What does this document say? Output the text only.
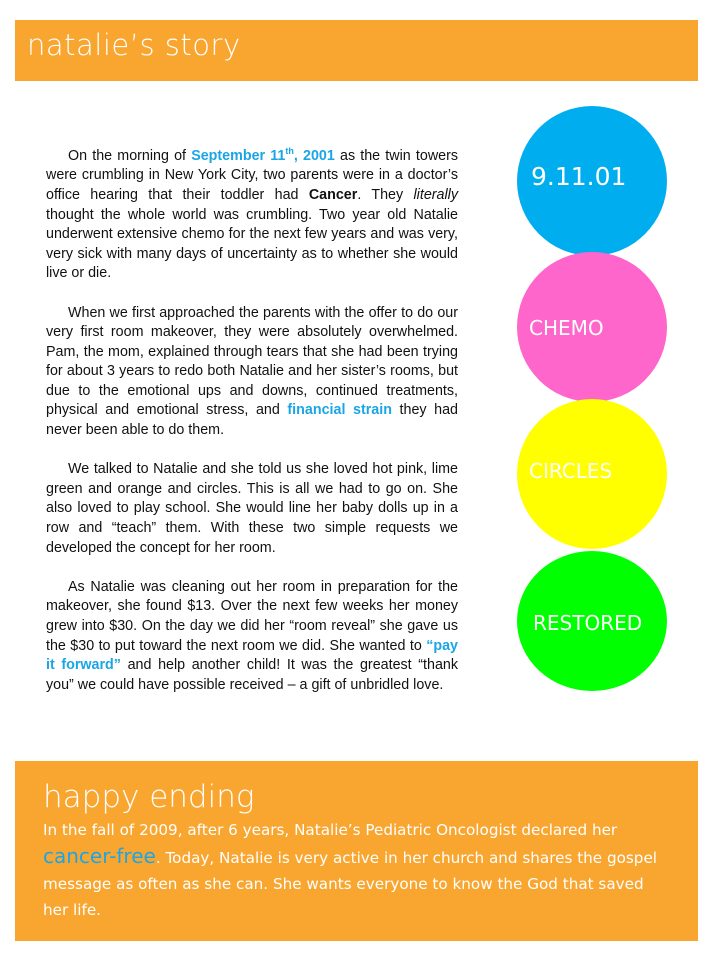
natalie’s story

On the morning of September 11th, 2001 as the twin towers were crumbling in New York City, two parents were in a doctor’s office hearing that their toddler had Cancer. They literally thought the whole world was crumbling. Two year old Natalie underwent extensive chemo for the next few years and was very, very sick with many days of uncertainty as to whether she would live or die.

When we first approached the parents with the offer to do our very first room makeover, they were absolutely overwhelmed. Pam, the mom, explained through tears that she had been trying for about 3 years to redo both Natalie and her sister’s rooms, but due to the emotional ups and downs, continued treatments, physical and emotional stress, and financial strain they had never been able to do them.

We talked to Natalie and she told us she loved hot pink, lime green and orange and circles. This is all we had to go on. She also loved to play school. She would line her baby dolls up in a row and “teach” them. With these two simple requests we developed the concept for her room.

As Natalie was cleaning out her room in preparation for the makeover, she found $13. Over the next few weeks her money grew into $30. On the day we did her “room reveal” she gave us the $30 to put toward the next room we did. She wanted to “pay it forward” and help another child! It was the greatest “thank you” we could have possible received – a gift of unbridled love.

9.11.01
CHEMO
CIRCLES
RESTORED
happy ending
In the fall of 2009, after 6 years, Natalie’s Pediatric Oncologist declared her cancer-free. Today, Natalie is very active in her church and shares the gospel message as often as she can. She wants everyone to know the God that saved her life.
